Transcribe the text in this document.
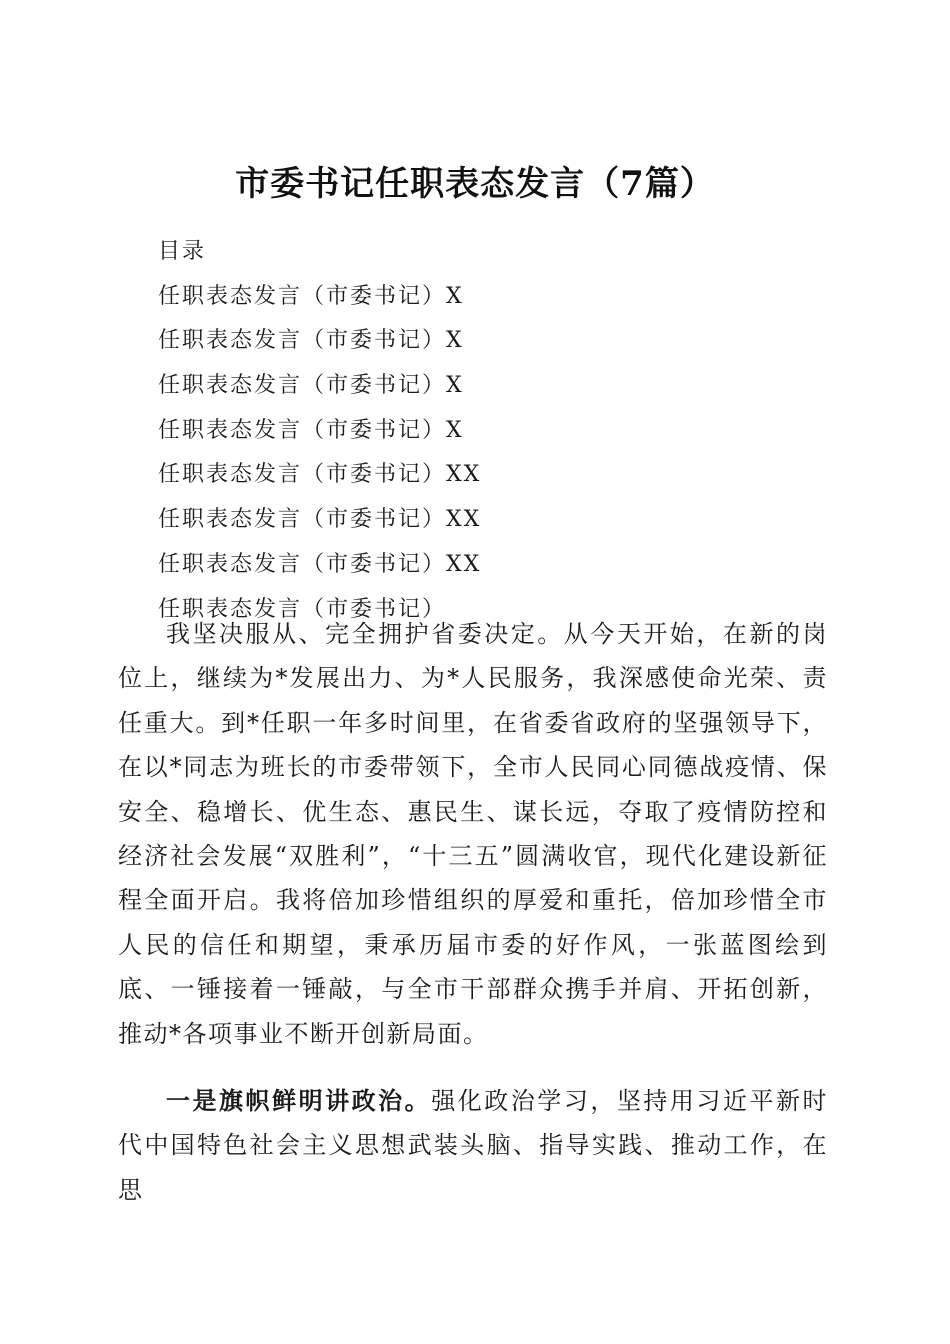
市委书记任职表态发言（7篇）
目录
任职表态发言（市委书记）X
任职表态发言（市委书记）X
任职表态发言（市委书记）X
任职表态发言（市委书记）X
任职表态发言（市委书记）XX
任职表态发言（市委书记）XX
任职表态发言（市委书记）XX
任职表态发言（市委书记）

我坚决服从、完全拥护省委决定。从今天开始，在新的岗位上，继续为*发展出力、为*人民服务，我深感使命光荣、责任重大。到*任职一年多时间里，在省委省政府的坚强领导下，在以*同志为班长的市委带领下，全市人民同心同德战疫情、保安全、稳增长、优生态、惠民生、谋长远，夺取了疫情防控和经济社会发展“双胜利”，“十三五”圆满收官，现代化建设新征程全面开启。我将倍加珍惜组织的厚爱和重托，倍加珍惜全市人民的信任和期望，秉承历届市委的好作风，一张蓝图绘到底、一锤接着一锤敲，与全市干部群众携手并肩、开拓创新，推动*各项事业不断开创新局面。

一是旗帜鲜明讲政治。强化政治学习，坚持用习近平新时代中国特色社会主义思想武装头脑、指导实践、推动工作，在思
